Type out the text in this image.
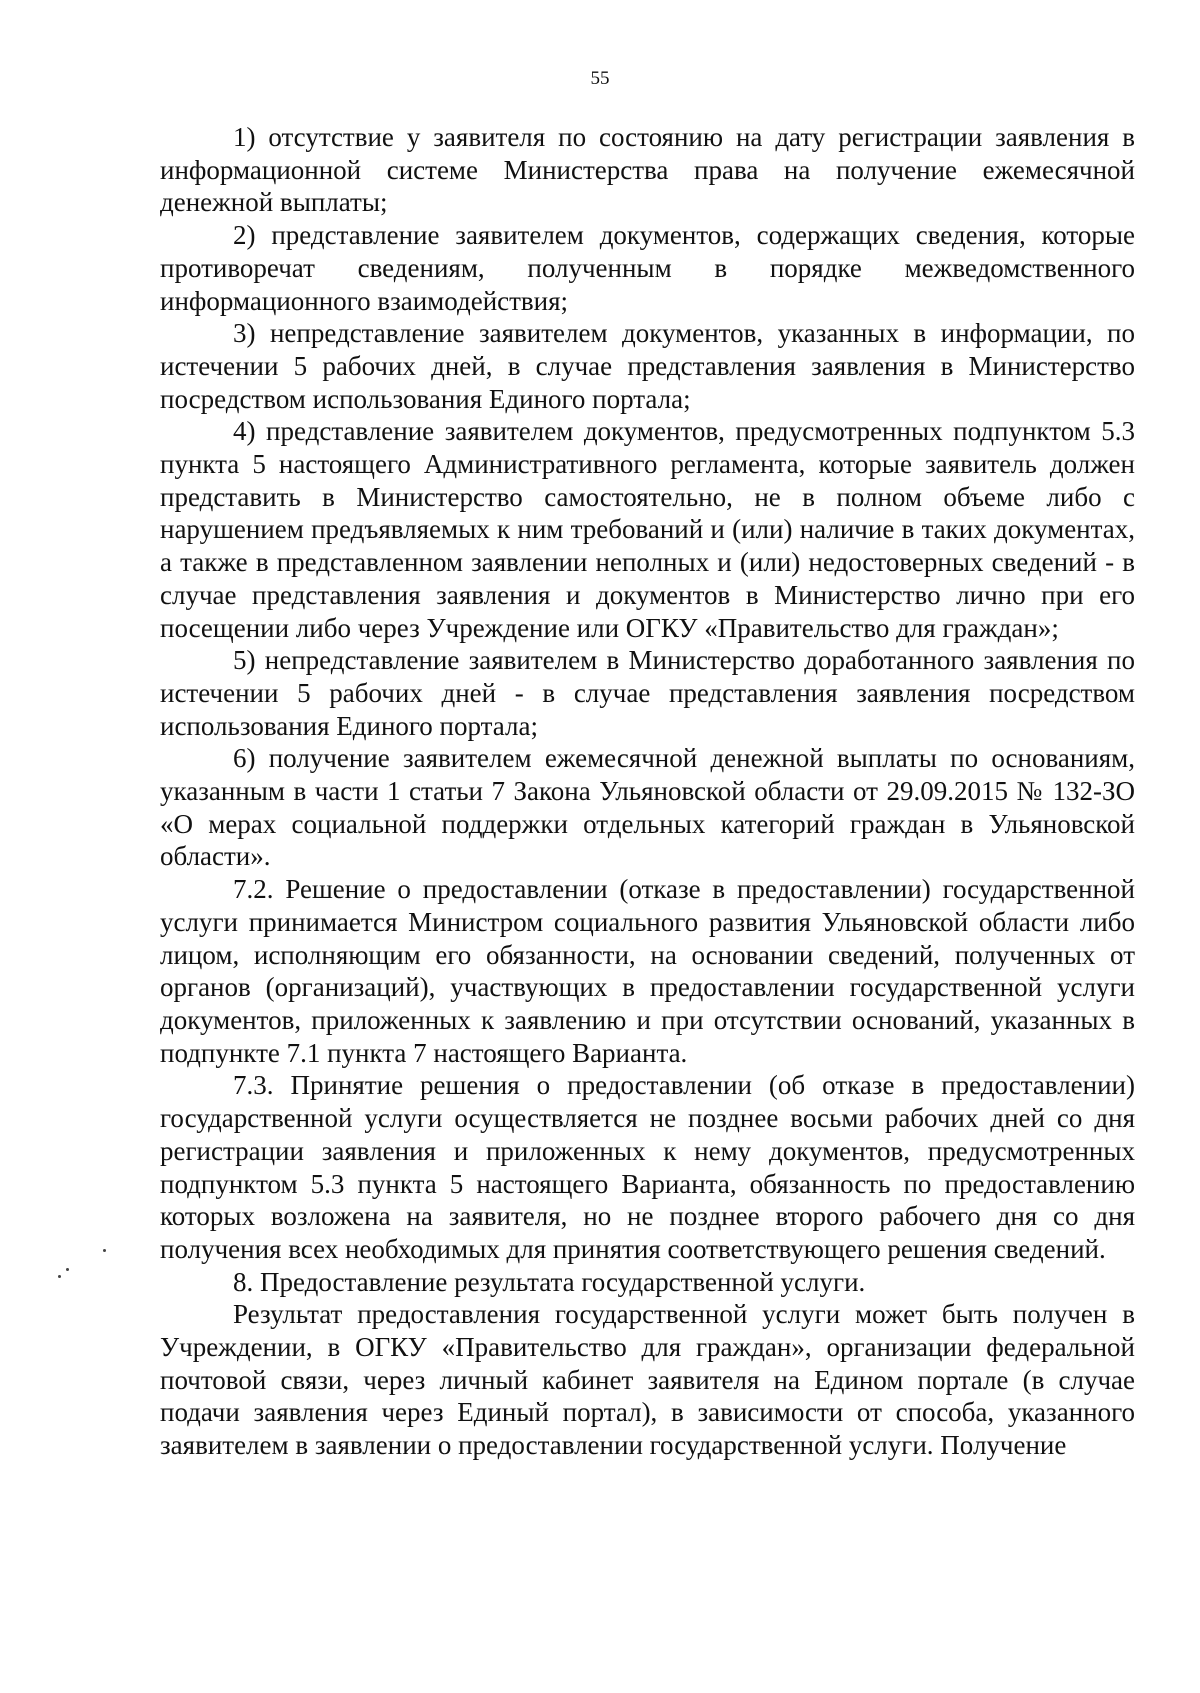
55

1) отсутствие у заявителя по состоянию на дату регистрации заявления в информационной системе Министерства права на получение ежемесячной денежной выплаты;

2) представление заявителем документов, содержащих сведения, которые противоречат сведениям, полученным в порядке межведомственного информационного взаимодействия;

3) непредставление заявителем документов, указанных в информации, по истечении 5 рабочих дней, в случае представления заявления в Министерство посредством использования Единого портала;

4) представление заявителем документов, предусмотренных подпунктом 5.3 пункта 5 настоящего Административного регламента, которые заявитель должен представить в Министерство самостоятельно, не в полном объеме либо с нарушением предъявляемых к ним требований и (или) наличие в таких документах, а также в представленном заявлении неполных и (или) недостоверных сведений - в случае представления заявления и документов в Министерство лично при его посещении либо через Учреждение или ОГКУ «Правительство для граждан»;

5) непредставление заявителем в Министерство доработанного заявления по истечении 5 рабочих дней - в случае представления заявления посредством использования Единого портала;

6) получение заявителем ежемесячной денежной выплаты по основаниям, указанным в части 1 статьи 7 Закона Ульяновской области от 29.09.2015 № 132-ЗО «О мерах социальной поддержки отдельных категорий граждан в Ульяновской области».

7.2. Решение о предоставлении (отказе в предоставлении) государственной услуги принимается Министром социального развития Ульяновской области либо лицом, исполняющим его обязанности, на основании сведений, полученных от органов (организаций), участвующих в предоставлении государственной услуги документов, приложенных к заявлению и при отсутствии оснований, указанных в подпункте 7.1 пункта 7 настоящего Варианта.

7.3. Принятие решения о предоставлении (об отказе в предоставлении) государственной услуги осуществляется не позднее восьми рабочих дней со дня регистрации заявления и приложенных к нему документов, предусмотренных подпунктом 5.3 пункта 5 настоящего Варианта, обязанность по предоставлению которых возложена на заявителя, но не позднее второго рабочего дня со дня получения всех необходимых для принятия соответствующего решения сведений.

8. Предоставление результата государственной услуги.

Результат предоставления государственной услуги может быть получен в Учреждении, в ОГКУ «Правительство для граждан», организации федеральной почтовой связи, через личный кабинет заявителя на Едином портале (в случае подачи заявления через Единый портал), в зависимости от способа, указанного заявителем в заявлении о предоставлении государственной услуги. Получение
